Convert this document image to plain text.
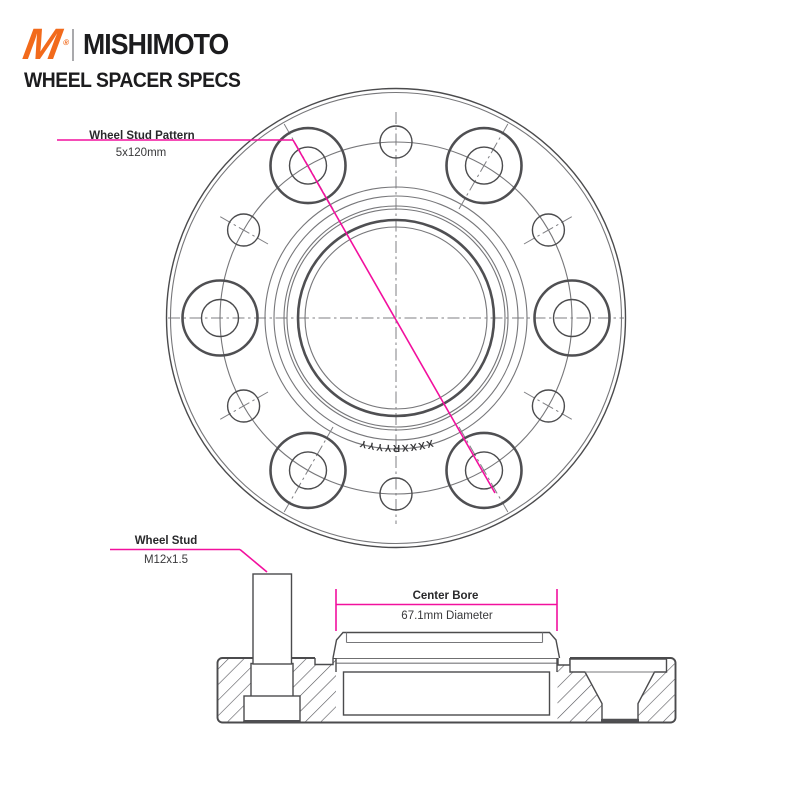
M ® MISHIMOTO
WHEEL SPACER SPECS
Wheel Stud Pattern
5x120mm
XXXXRYYYY
Wheel Stud
M12x1.5
Center Bore
67.1mm Diameter
